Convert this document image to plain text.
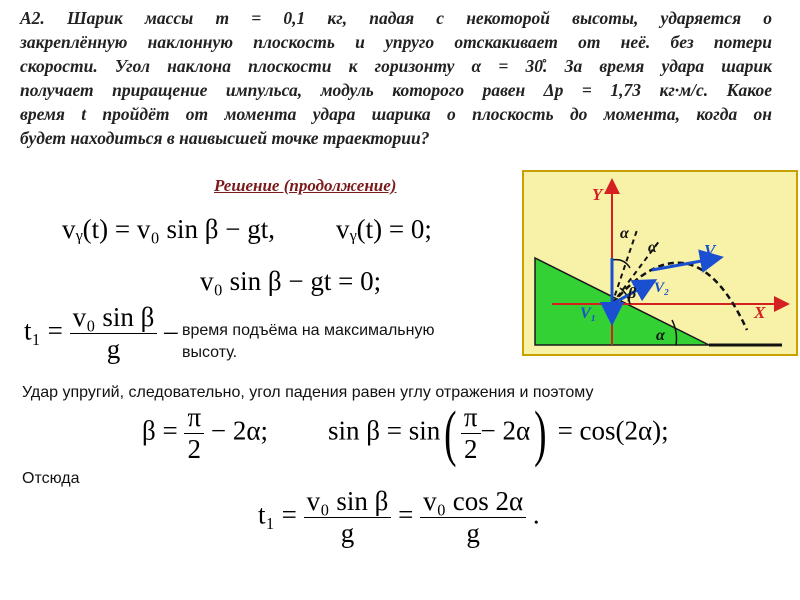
А2. Шарик массы m = 0,1 кг, падая с некоторой высоты, ударяется о
закреплённую наклонную плоскость и упруго отскакивает от неё. без потери
скорости. Угол наклона плоскости к горизонту α = 30̊. За время удара шарик
получает приращение импульса, модуль которого равен Δp = 1,73 кг·м/с. Какое
время t пройдёт от момента удара шарика о плоскость до момента, когда он
будет находиться в наивысшей точке траектории?
Решение (продолжение)
vᵧ(t) = v₀ sin β − gt, vᵧ(t) = 0;
v₀ sin β − gt = 0;
$t_1 = \frac{\text{v₀ sin β}}{g}$ – время подъёма на максимальную
высоту.
Удар упругий, следовательно, угол падения равен углу отражения и поэтому
$\beta = \frac{\pi}{2} - 2\alpha$; $\sin \beta = \sin( \frac{\pi}{2} - 2\alpha) = \cos(2\alpha)$;
Отсюда
$t_1 = \frac{\text{v₀ sin β}}{g} = \frac{\text{v₀ cos 2α}}{g}$ .
Y
X
V
V₁
V₂
α
α
β
α
